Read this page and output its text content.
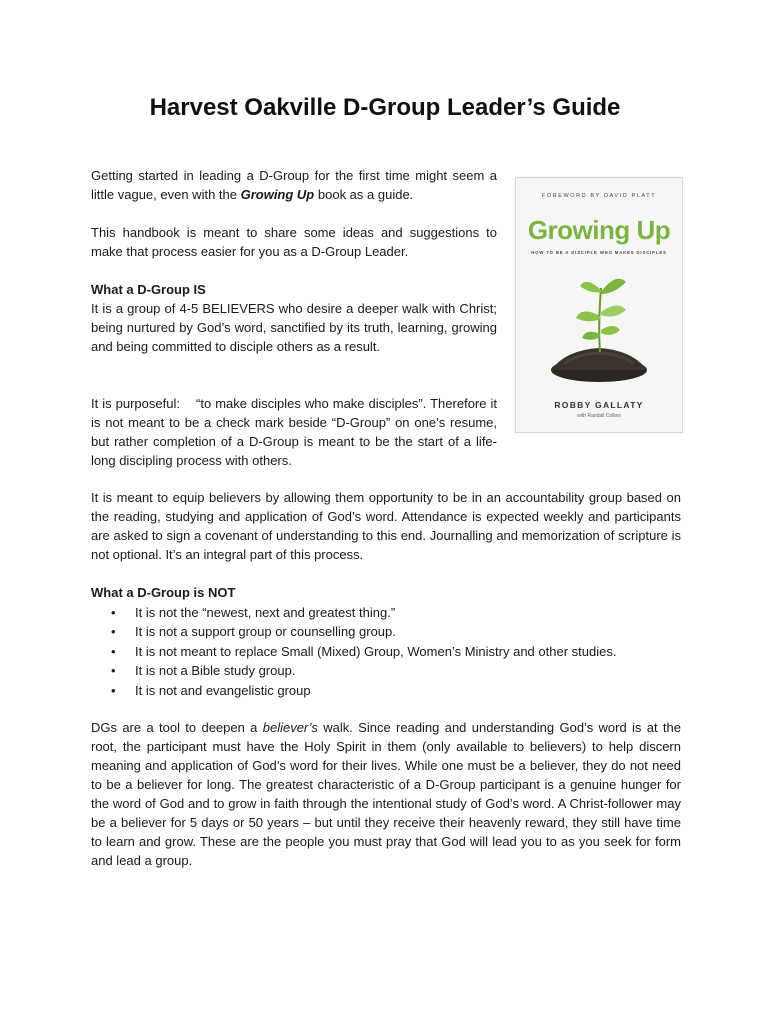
Harvest Oakville D-Group Leader’s Guide
Getting started in leading a D-Group for the first time might seem a little vague, even with the Growing Up book as a guide.
This handbook is meant to share some ideas and suggestions to make that process easier for you as a D-Group Leader.
What a D-Group IS
It is a group of 4-5 BELIEVERS who desire a deeper walk with Christ; being nurtured by God’s word, sanctified by its truth, learning, growing and being committed to disciple others as a result.
It is purposeful:    “to make disciples who make disciples”. Therefore it is not meant to be a check mark beside “D-Group” on one’s resume, but rather completion of a D-Group is meant to be the start of a life-long discipling process with others.
It is meant to equip believers by allowing them opportunity to be in an accountability group based on the reading, studying and application of God’s word. Attendance is expected weekly and participants are asked to sign a covenant of understanding to this end. Journalling and memorization of scripture is not optional. It’s an integral part of this process.
What a D-Group is NOT
• It is not the “newest, next and greatest thing.”
• It is not a support group or counselling group.
• It is not meant to replace Small (Mixed) Group, Women’s Ministry and other studies.
• It is not a Bible study group.
• It is not and evangelistic group
DGs are a tool to deepen a believer’s walk. Since reading and understanding God’s word is at the root, the participant must have the Holy Spirit in them (only available to believers) to help discern meaning and application of God’s word for their lives. While one must be a believer, they do not need to be a believer for long. The greatest characteristic of a D-Group participant is a genuine hunger for the word of God and to grow in faith through the intentional study of God’s word. A Christ-follower may be a believer for 5 days or 50 years – but until they receive their heavenly reward, they still have time to learn and grow. These are the people you must pray that God will lead you to as you seek for form and lead a group.
FOREWORD BY DAVID PLATT
Growing Up
HOW TO BE A DISCIPLE WHO MAKES DISCIPLES
ROBBY GALLATY
with Randall Collins
